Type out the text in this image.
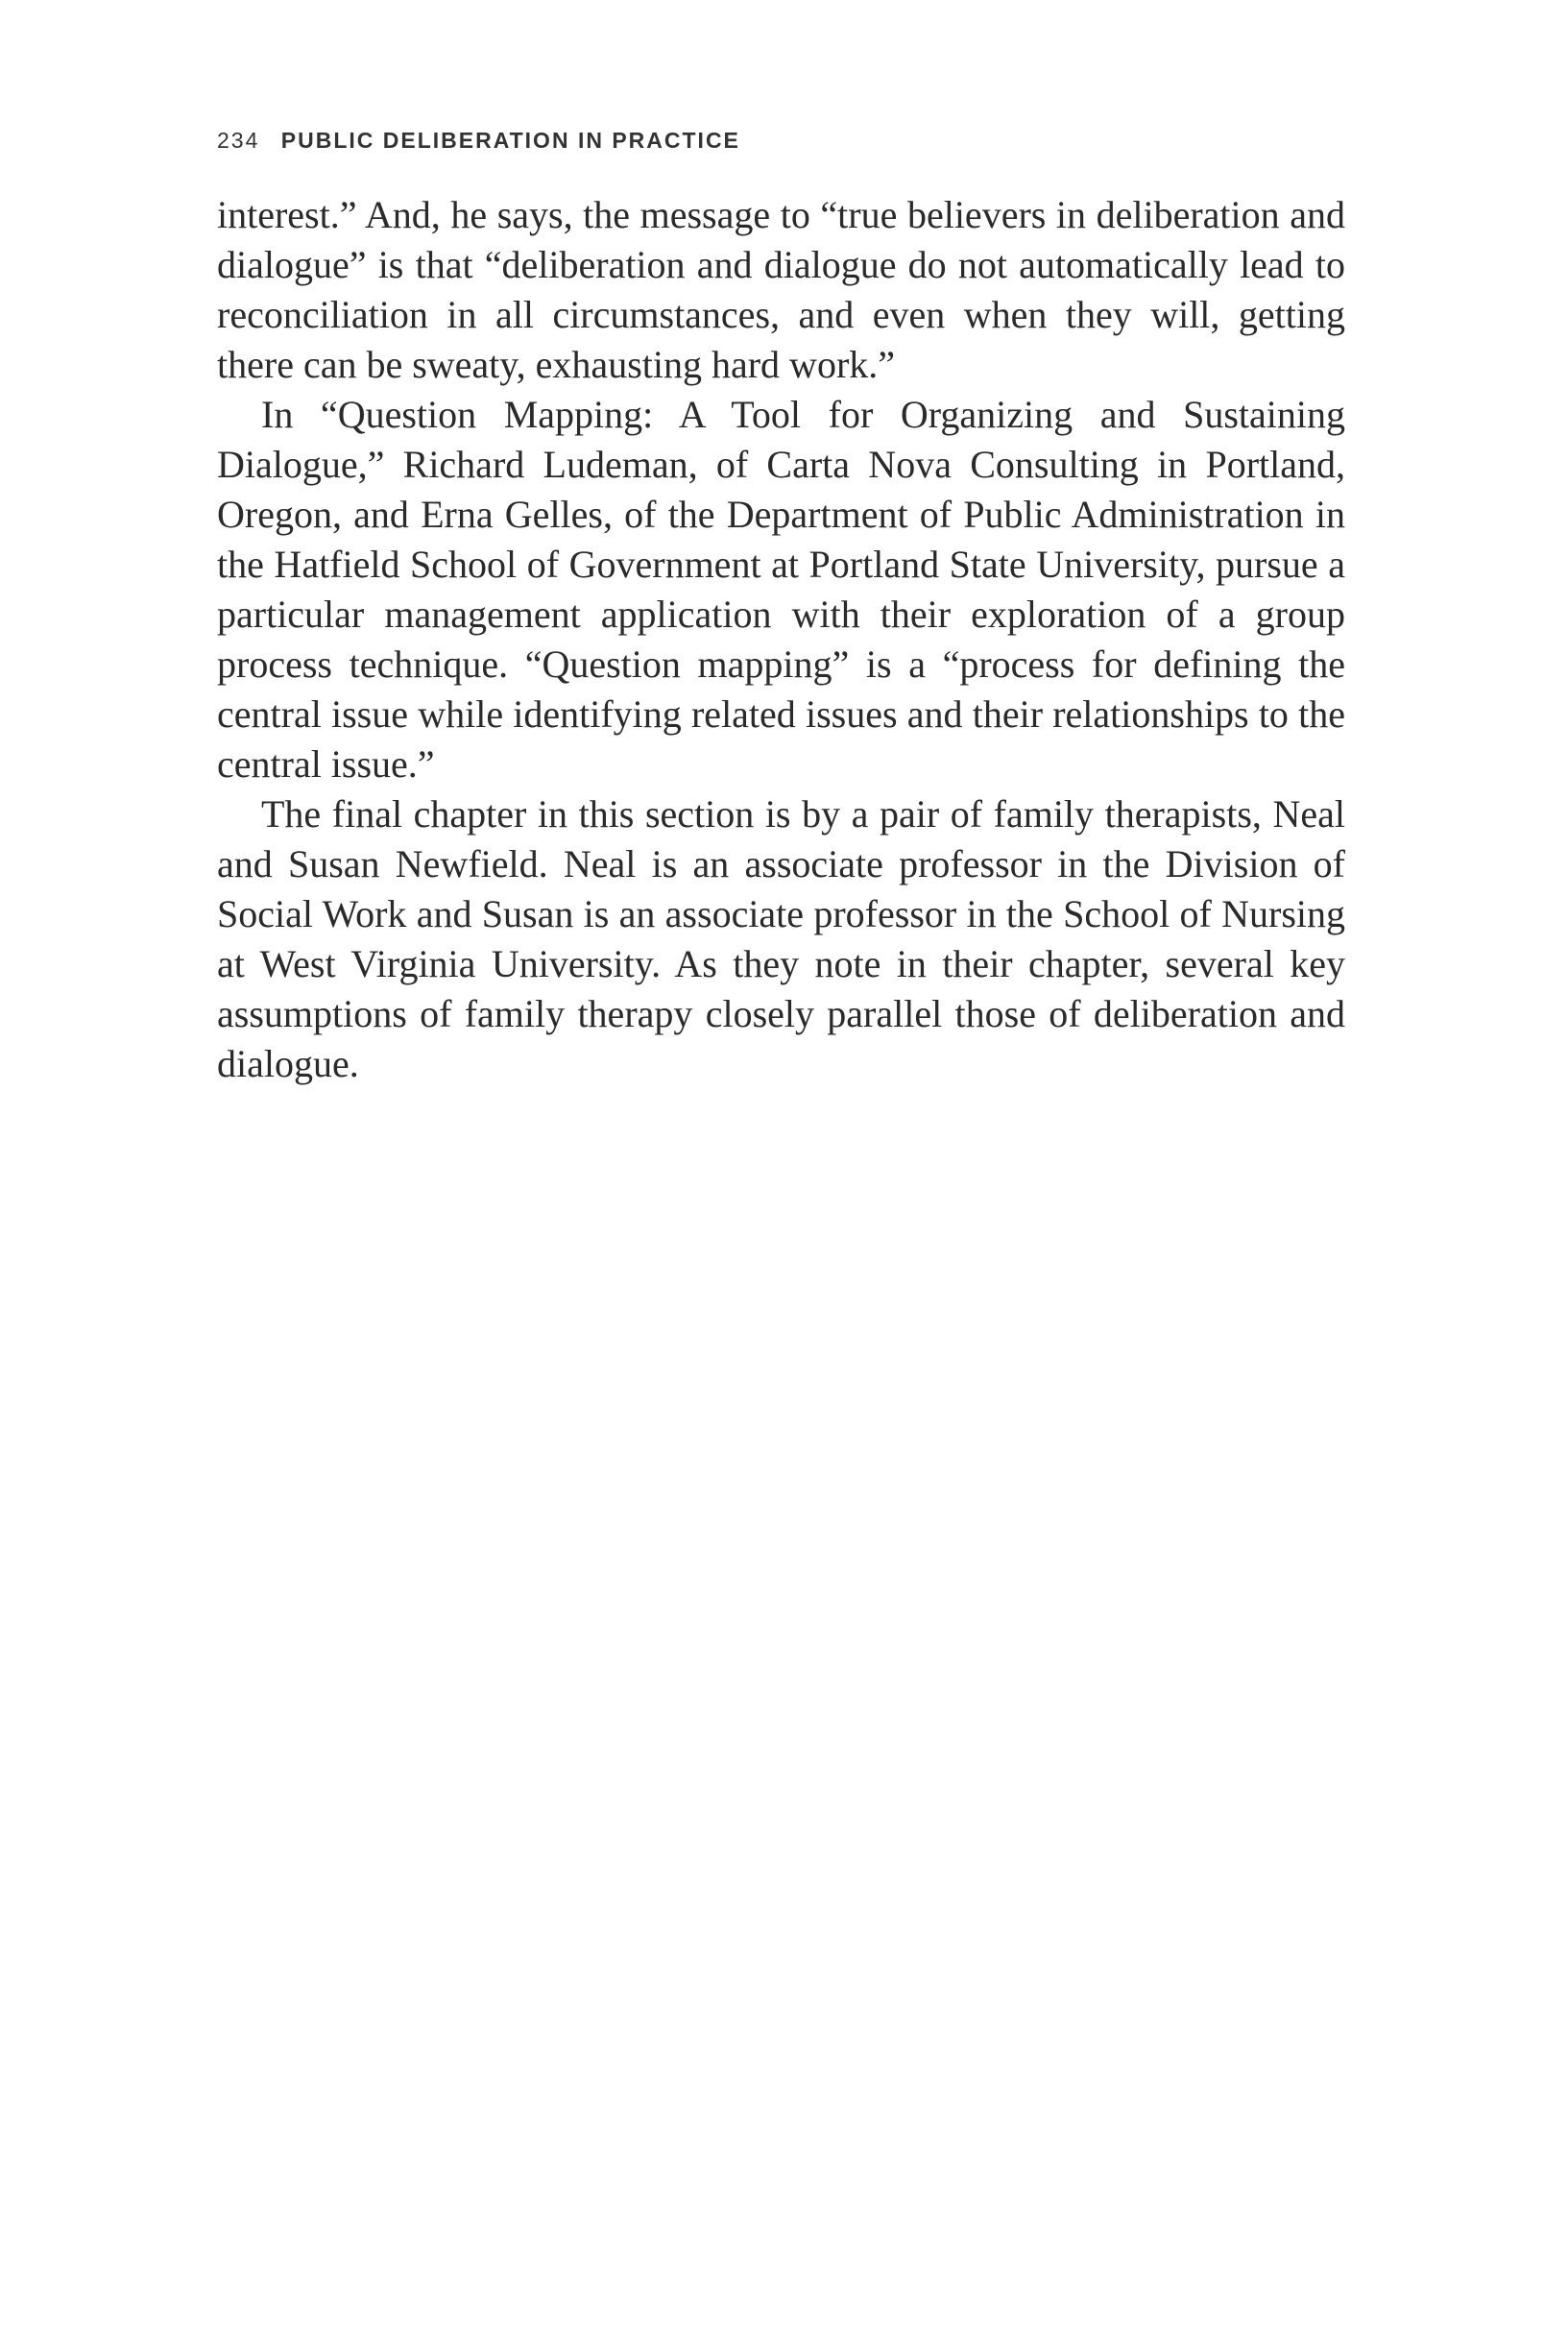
234 PUBLIC DELIBERATION IN PRACTICE

interest.” And, he says, the message to “true believers in deliberation and dialogue” is that “deliberation and dialogue do not automatically lead to reconciliation in all circumstances, and even when they will, getting there can be sweaty, exhausting hard work.”

In “Question Mapping: A Tool for Organizing and Sustaining Dialogue,” Richard Ludeman, of Carta Nova Consulting in Portland, Oregon, and Erna Gelles, of the Department of Public Administration in the Hatfield School of Government at Portland State University, pursue a particular management application with their exploration of a group process technique. “Question mapping” is a “process for defining the central issue while identifying related issues and their relationships to the central issue.”

The final chapter in this section is by a pair of family therapists, Neal and Susan Newfield. Neal is an associate professor in the Division of Social Work and Susan is an associate professor in the School of Nursing at West Virginia University. As they note in their chapter, several key assumptions of family therapy closely parallel those of deliberation and dialogue.
